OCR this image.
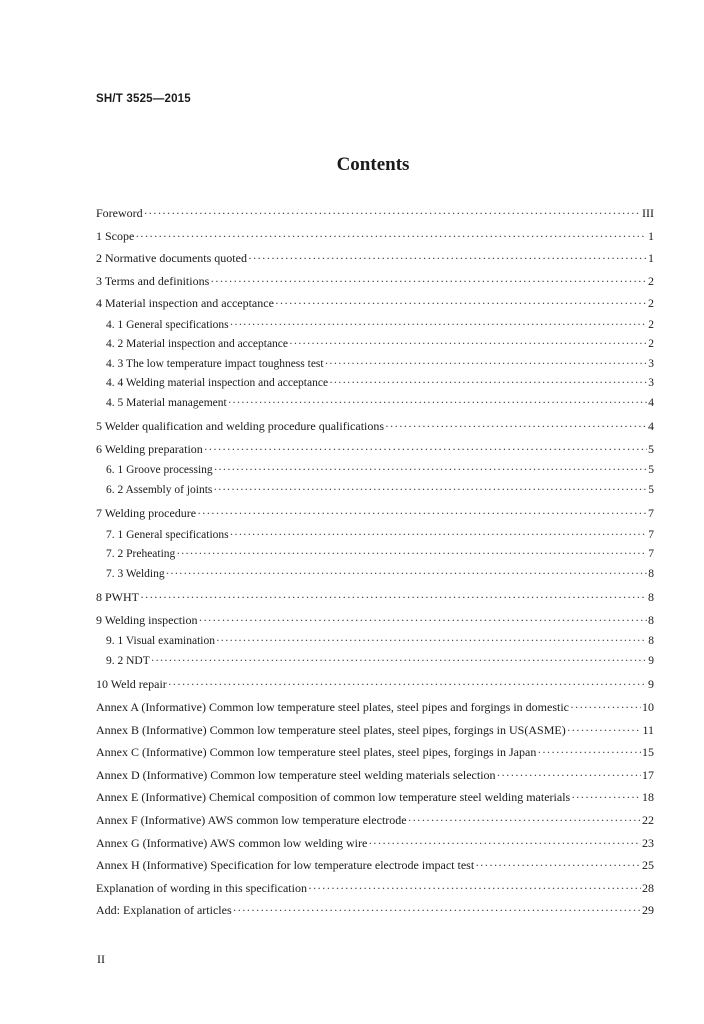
SH/T 3525—2015
Contents
Foreword ·····	III
1 Scope ·····	1
2 Normative documents quoted ·····	1
3 Terms and definitions ·····	2
4 Material inspection and acceptance ·····	2
4. 1 General specifications ·····	2
4. 2 Material inspection and acceptance ·····	2
4. 3 The low temperature impact toughness test ·····	3
4. 4 Welding material inspection and acceptance ·····	3
4. 5 Material management ·····	4
5 Welder qualification and welding procedure qualifications ·····	4
6 Welding preparation ·····	5
6. 1 Groove processing ·····	5
6. 2 Assembly of joints ·····	5
7 Welding procedure ·····	7
7. 1 General specifications ·····	7
7. 2 Preheating ·····	7
7. 3 Welding ·····	8
8 PWHT ·····	8
9 Welding inspection ·····	8
9. 1 Visual examination ·····	8
9. 2 NDT ·····	9
10 Weld repair ·····	9
Annex A (Informative) Common low temperature steel plates, steel pipes and forgings in domestic ·····	10
Annex B (Informative) Common low temperature steel plates, steel pipes, forgings in US(ASME) ·····	11
Annex C (Informative) Common low temperature steel plates, steel pipes, forgings in Japan ·····	15
Annex D (Informative) Common low temperature steel welding materials selection ·····	17
Annex E (Informative) Chemical composition of common low temperature steel welding materials ·····	18
Annex F (Informative) AWS common low temperature electrode ·····	22
Annex G (Informative) AWS common low welding wire ·····	23
Annex H (Informative) Specification for low temperature electrode impact test ·····	25
Explanation of wording in this specification ·····	28
Add: Explanation of articles ·····	29
II
